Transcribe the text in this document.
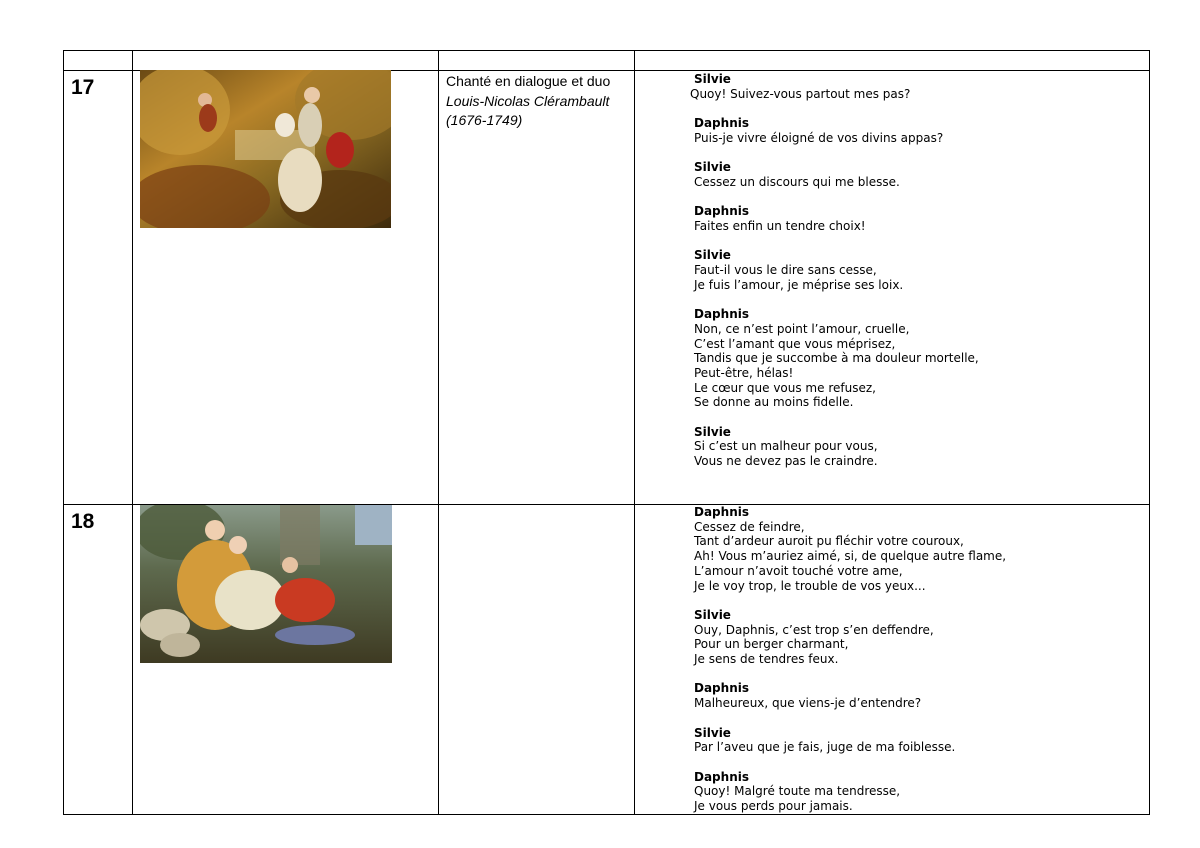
17	Chanté en dialogue et duo
Louis-Nicolas Clérambault
(1676-1749)
Silvie
Quoy! Suivez-vous partout mes pas?
Daphnis
Puis-je vivre éloigné de vos divins appas?
Silvie
Cessez un discours qui me blesse.
Daphnis
Faites enfin un tendre choix!
Silvie
Faut-il vous le dire sans cesse,
Je fuis l’amour, je méprise ses loix.
Daphnis
Non, ce n’est point l’amour, cruelle,
C’est l’amant que vous méprisez,
Tandis que je succombe à ma douleur mortelle,
Peut-être, hélas!
Le cœur que vous me refusez,
Se donne au moins fidelle.
Silvie
Si c’est un malheur pour vous,
Vous ne devez pas le craindre.
18	Daphnis
Cessez de feindre,
Tant d’ardeur auroit pu fléchir votre couroux,
Ah! Vous m’auriez aimé, si, de quelque autre flame,
L’amour n’avoit touché votre ame,
Je le voy trop, le trouble de vos yeux...
Silvie
Ouy, Daphnis, c’est trop s’en deffendre,
Pour un berger charmant,
Je sens de tendres feux.
Daphnis
Malheureux, que viens-je d’entendre?
Silvie
Par l’aveu que je fais, juge de ma foiblesse.
Daphnis
Quoy! Malgré toute ma tendresse,
Je vous perds pour jamais.
